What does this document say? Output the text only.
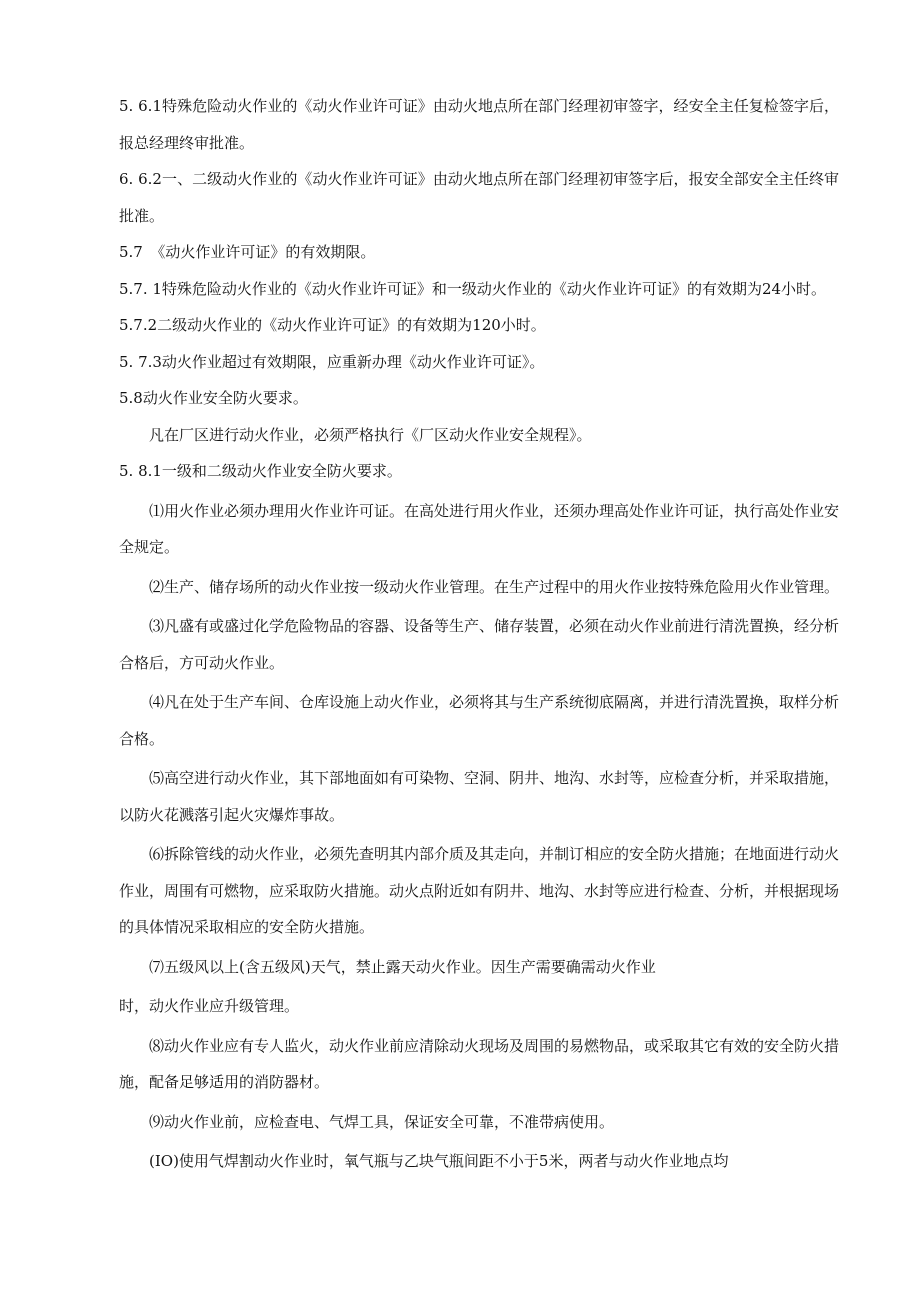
5. 6.1特殊危险动火作业的《动火作业许可证》由动火地点所在部门经理初审签字，经安全主任复检签字后，报总经理终审批准。

6. 6.2一、二级动火作业的《动火作业许可证》由动火地点所在部门经理初审签字后，报安全部安全主任终审批准。

5.7　《动火作业许可证》的有效期限。

5.7. 1特殊危险动火作业的《动火作业许可证》和一级动火作业的《动火作业许可证》的有效期为24小时。

5.7.2二级动火作业的《动火作业许可证》的有效期为120小时。

5. 7.3动火作业超过有效期限，应重新办理《动火作业许可证》。

5.8动火作业安全防火要求。

凡在厂区进行动火作业，必须严格执行《厂区动火作业安全规程》。

5. 8.1一级和二级动火作业安全防火要求。

⑴用火作业必须办理用火作业许可证。在高处进行用火作业，还须办理高处作业许可证，执行高处作业安全规定。

⑵生产、储存场所的动火作业按一级动火作业管理。在生产过程中的用火作业按特殊危险用火作业管理。

⑶凡盛有或盛过化学危险物品的容器、设备等生产、储存装置，必须在动火作业前进行清洗置换，经分析合格后，方可动火作业。

⑷凡在处于生产车间、仓库设施上动火作业，必须将其与生产系统彻底隔离，并进行清洗置换，取样分析合格。

⑸高空进行动火作业，其下部地面如有可染物、空洞、阴井、地沟、水封等，应检查分析，并采取措施，以防火花溅落引起火灾爆炸事故。

⑹拆除管线的动火作业，必须先查明其内部介质及其走向，并制订相应的安全防火措施；在地面进行动火作业，周围有可燃物，应采取防火措施。动火点附近如有阴井、地沟、水封等应进行检查、分析，并根据现场的具体情况采取相应的安全防火措施。

⑺五级风以上(含五级风)天气，禁止露天动火作业。因生产需要确需动火作业

时，动火作业应升级管理。

⑻动火作业应有专人监火，动火作业前应清除动火现场及周围的易燃物品，或采取其它有效的安全防火措施，配备足够适用的消防器材。

⑼动火作业前，应检查电、气焊工具，保证安全可靠，不准带病使用。

(IO)使用气焊割动火作业时，氧气瓶与乙块气瓶间距不小于5米，两者与动火作业地点均
